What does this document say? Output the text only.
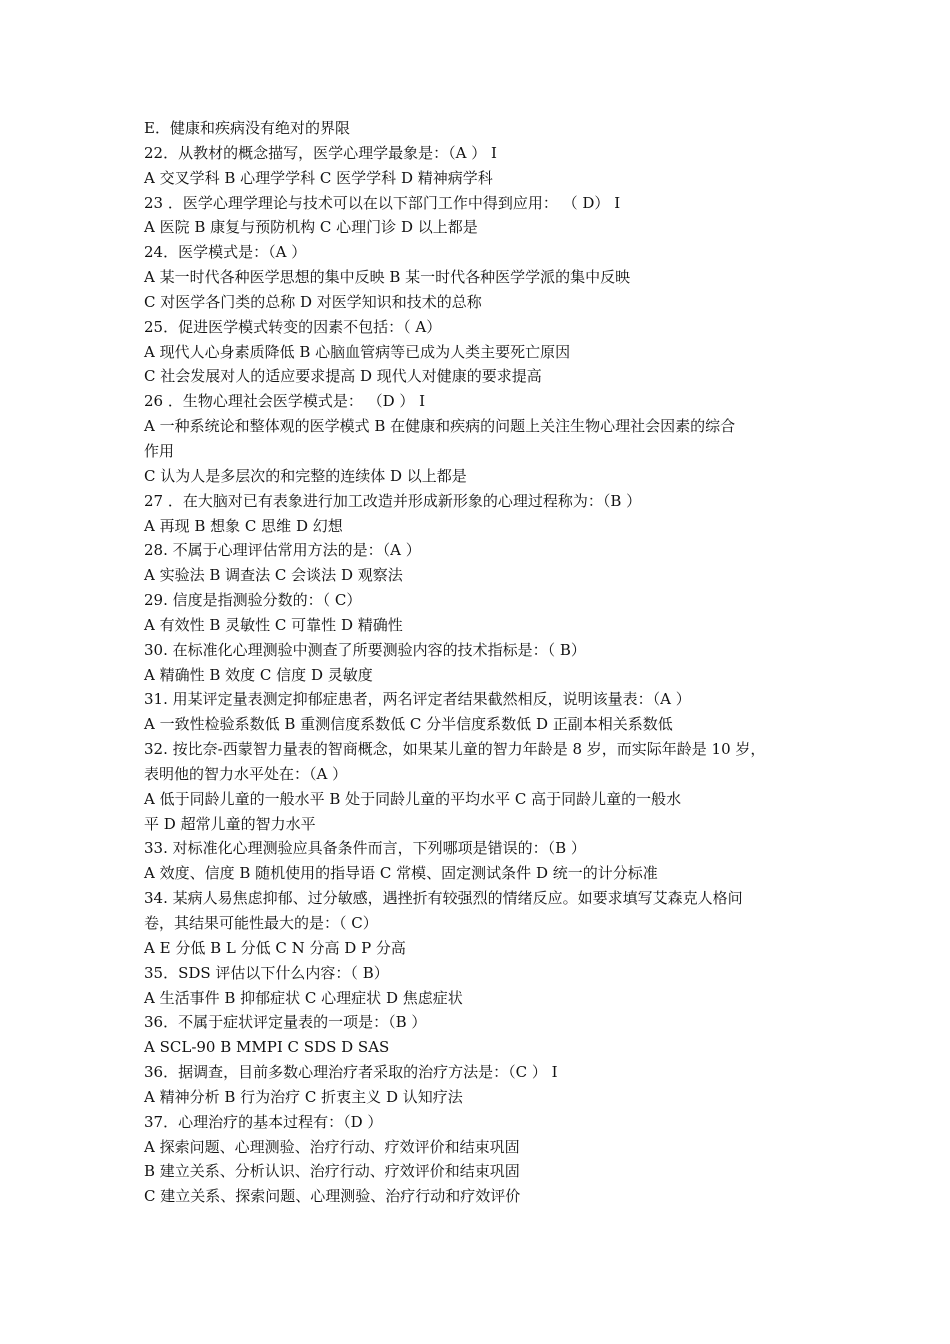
E．健康和疾病没有绝对的界限
22．从教材的概念描写，医学心理学最象是：（A ） I
A 交叉学科 B 心理学学科 C 医学学科 D 精神病学科
23 ．医学心理学理论与技术可以在以下部门工作中得到应用： （ D） I
A 医院 B 康复与预防机构 C 心理门诊 D 以上都是
24．医学模式是：（A ）
A 某一时代各种医学思想的集中反映 B 某一时代各种医学学派的集中反映
C 对医学各门类的总称 D 对医学知识和技术的总称
25．促进医学模式转变的因素不包括：（ A）
A 现代人心身素质降低 B 心脑血管病等已成为人类主要死亡原因
C 社会发展对人的适应要求提高 D 现代人对健康的要求提高
26 ．生物心理社会医学模式是： （D ） I
A 一种系统论和整体观的医学模式 B 在健康和疾病的问题上关注生物心理社会因素的综合
作用
C 认为人是多层次的和完整的连续体 D 以上都是
27 ．在大脑对已有表象进行加工改造并形成新形象的心理过程称为：（B ）
A 再现 B 想象 C 思维 D 幻想
28. 不属于心理评估常用方法的是：（A ）
A 实验法 B 调查法 C 会谈法 D 观察法
29. 信度是指测验分数的：（ C）
A 有效性 B 灵敏性 C 可靠性 D 精确性
30. 在标准化心理测验中测查了所要测验内容的技术指标是：（ B）
A 精确性 B 效度 C 信度 D 灵敏度
31. 用某评定量表测定抑郁症患者，两名评定者结果截然相反，说明该量表：（A ）
A 一致性检验系数低 B 重测信度系数低 C 分半信度系数低 D 正副本相关系数低
32. 按比奈-西蒙智力量表的智商概念，如果某儿童的智力年龄是 8 岁，而实际年龄是 10 岁，
表明他的智力水平处在：（A ）
A 低于同龄儿童的一般水平 B 处于同龄儿童的平均水平 C 高于同龄儿童的一般水
平 D 超常儿童的智力水平
33. 对标准化心理测验应具备条件而言，下列哪项是错误的：（B ）
A 效度、信度 B 随机使用的指导语 C 常模、固定测试条件 D 统一的计分标准
34. 某病人易焦虑抑郁、过分敏感，遇挫折有较强烈的情绪反应。如要求填写艾森克人格问
卷，其结果可能性最大的是：（ C）
A E 分低 B L 分低 C N 分高 D P 分高
35．SDS 评估以下什么内容：（ B）
A 生活事件 B 抑郁症状 C 心理症状 D 焦虑症状
36．不属于症状评定量表的一项是：（B ）
A SCL-90 B MMPI C SDS D SAS
36．据调查，目前多数心理治疗者采取的治疗方法是：（C ） I
A 精神分析 B 行为治疗 C 折衷主义 D 认知疗法
37．心理治疗的基本过程有：（D ）
A 探索问题、心理测验、治疗行动、疗效评价和结束巩固
B 建立关系、分析认识、治疗行动、疗效评价和结束巩固
C 建立关系、探索问题、心理测验、治疗行动和疗效评价
